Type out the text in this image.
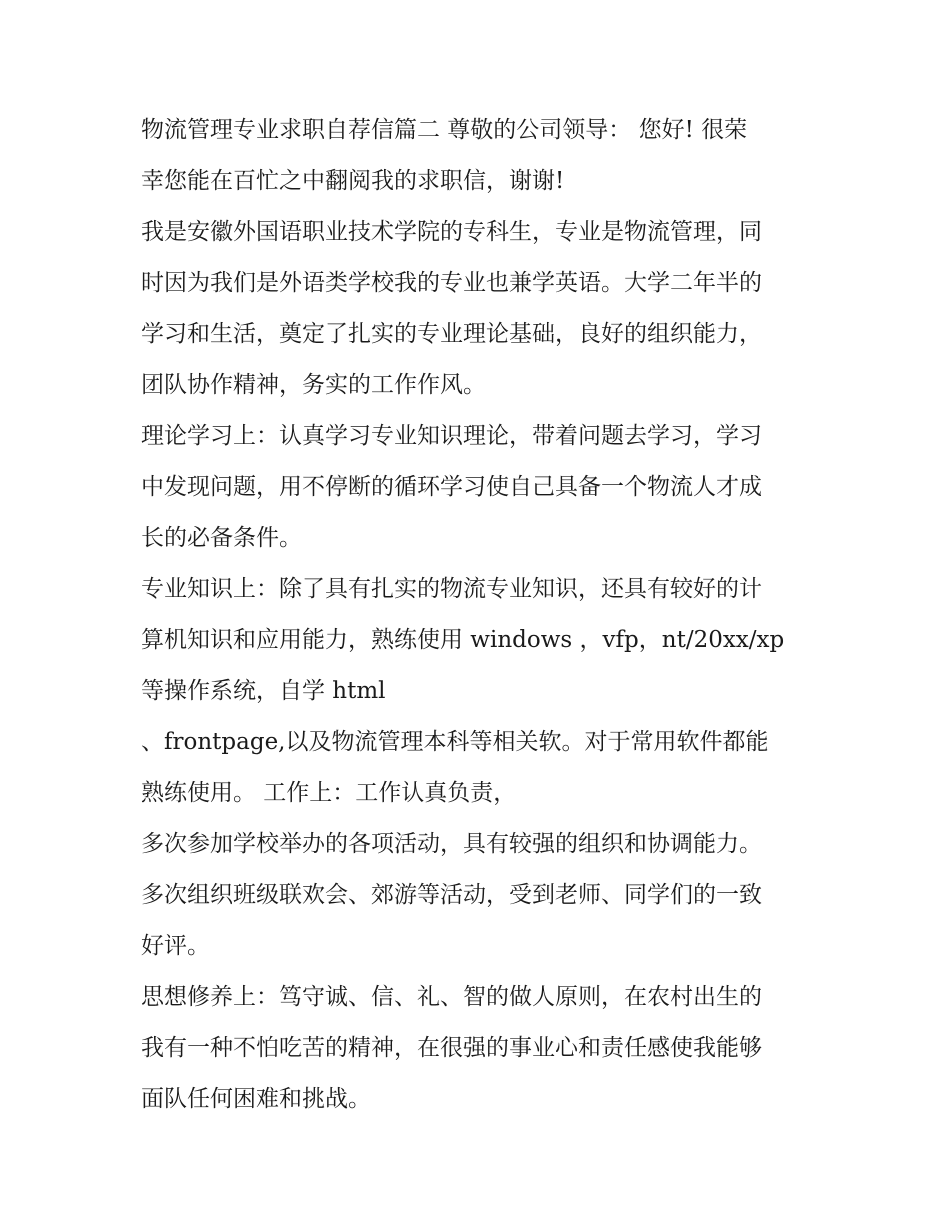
物流管理专业求职自荐信篇二 尊敬的公司领导： 您好! 很荣
幸您能在百忙之中翻阅我的求职信，谢谢!
我是安徽外国语职业技术学院的专科生，专业是物流管理，同
时因为我们是外语类学校我的专业也兼学英语。大学二年半的
学习和生活，奠定了扎实的专业理论基础，良好的组织能力，
团队协作精神，务实的工作作风。
理论学习上：认真学习专业知识理论，带着问题去学习，学习
中发现问题，用不停断的循环学习使自己具备一个物流人才成
长的必备条件。
专业知识上：除了具有扎实的物流专业知识，还具有较好的计
算机知识和应用能力，熟练使用 windows ，vfp，nt/20xx/xp
等操作系统，自学 html
、frontpage,以及物流管理本科等相关软。对于常用软件都能
熟练使用。 工作上：工作认真负责，
多次参加学校举办的各项活动，具有较强的组织和协调能力。
多次组织班级联欢会、郊游等活动，受到老师、同学们的一致
好评。
思想修养上：笃守诚、信、礼、智的做人原则，在农村出生的
我有一种不怕吃苦的精神，在很强的事业心和责任感使我能够
面队任何困难和挑战。
